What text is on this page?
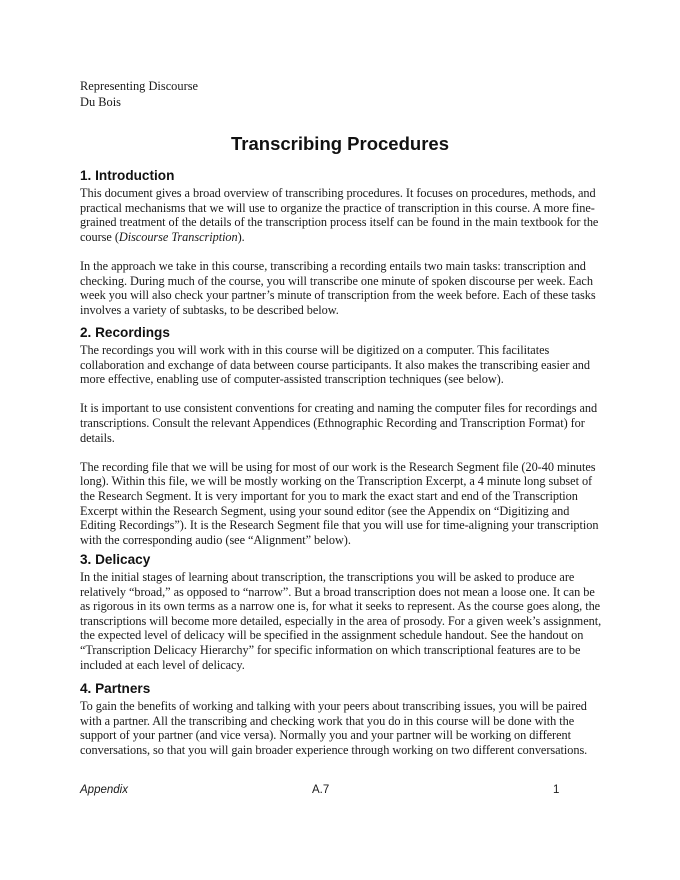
Representing Discourse
Du Bois
Transcribing Procedures
1. Introduction

This document gives a broad overview of transcribing procedures. It focuses on procedures, methods, and practical mechanisms that we will use to organize the practice of transcription in this course. A more fine-grained treatment of the details of the transcription process itself can be found in the main textbook for the course (Discourse Transcription).

In the approach we take in this course, transcribing a recording entails two main tasks: transcription and checking. During much of the course, you will transcribe one minute of spoken discourse per week. Each week you will also check your partner’s minute of transcription from the week before. Each of these tasks involves a variety of subtasks, to be described below.

2. Recordings

The recordings you will work with in this course will be digitized on a computer. This facilitates collaboration and exchange of data between course participants. It also makes the transcribing easier and more effective, enabling use of computer-assisted transcription techniques (see below).

It is important to use consistent conventions for creating and naming the computer files for recordings and transcriptions. Consult the relevant Appendices (Ethnographic Recording and Transcription Format) for details.

The recording file that we will be using for most of our work is the Research Segment file (20-40 minutes long). Within this file, we will be mostly working on the Transcription Excerpt, a 4 minute long subset of the Research Segment. It is very important for you to mark the exact start and end of the Transcription Excerpt within the Research Segment, using your sound editor (see the Appendix on “Digitizing and Editing Recordings”). It is the Research Segment file that you will use for time-aligning your transcription with the corresponding audio (see “Alignment” below).

3. Delicacy

In the initial stages of learning about transcription, the transcriptions you will be asked to produce are relatively “broad,” as opposed to “narrow”. But a broad transcription does not mean a loose one. It can be as rigorous in its own terms as a narrow one is, for what it seeks to represent. As the course goes along, the transcriptions will become more detailed, especially in the area of prosody. For a given week’s assignment, the expected level of delicacy will be specified in the assignment schedule handout. See the handout on “Transcription Delicacy Hierarchy” for specific information on which transcriptional features are to be included at each level of delicacy.

4. Partners

To gain the benefits of working and talking with your peers about transcribing issues, you will be paired with a partner. All the transcribing and checking work that you do in this course will be done with the support of your partner (and vice versa). Normally you and your partner will be working on different conversations, so that you will gain broader experience through working on two different conversations.

Appendix	A.7	1
